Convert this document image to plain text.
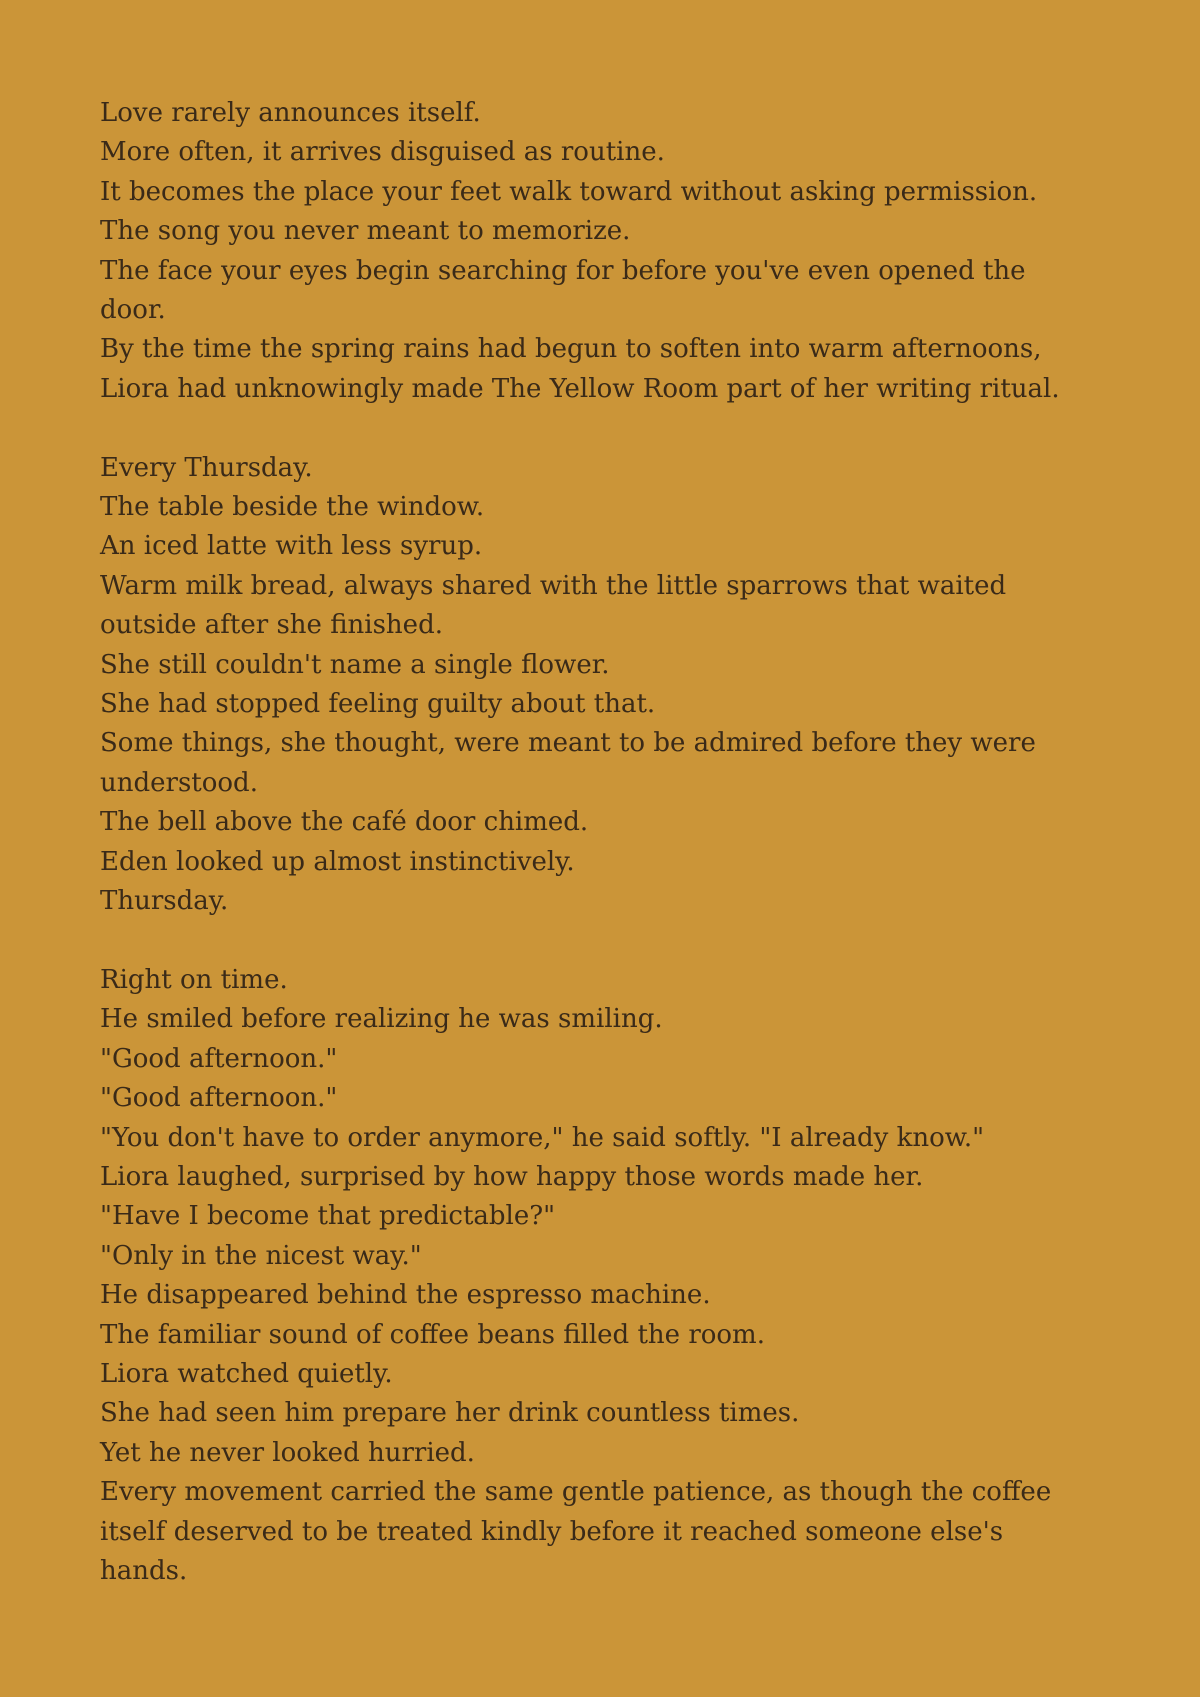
Love rarely announces itself.
More often, it arrives disguised as routine.
It becomes the place your feet walk toward without asking permission.
The song you never meant to memorize.
The face your eyes begin searching for before you've even opened the
door.
By the time the spring rains had begun to soften into warm afternoons,
Liora had unknowingly made The Yellow Room part of her writing ritual.
Every Thursday.
The table beside the window.
An iced latte with less syrup.
Warm milk bread, always shared with the little sparrows that waited
outside after she finished.
She still couldn't name a single flower.
She had stopped feeling guilty about that.
Some things, she thought, were meant to be admired before they were
understood.
The bell above the café door chimed.
Eden looked up almost instinctively.
Thursday.
Right on time.
He smiled before realizing he was smiling.
"Good afternoon."
"Good afternoon."
"You don't have to order anymore," he said softly. "I already know."
Liora laughed, surprised by how happy those words made her.
"Have I become that predictable?"
"Only in the nicest way."
He disappeared behind the espresso machine.
The familiar sound of coffee beans filled the room.
Liora watched quietly.
She had seen him prepare her drink countless times.
Yet he never looked hurried.
Every movement carried the same gentle patience, as though the coffee
itself deserved to be treated kindly before it reached someone else's
hands.
